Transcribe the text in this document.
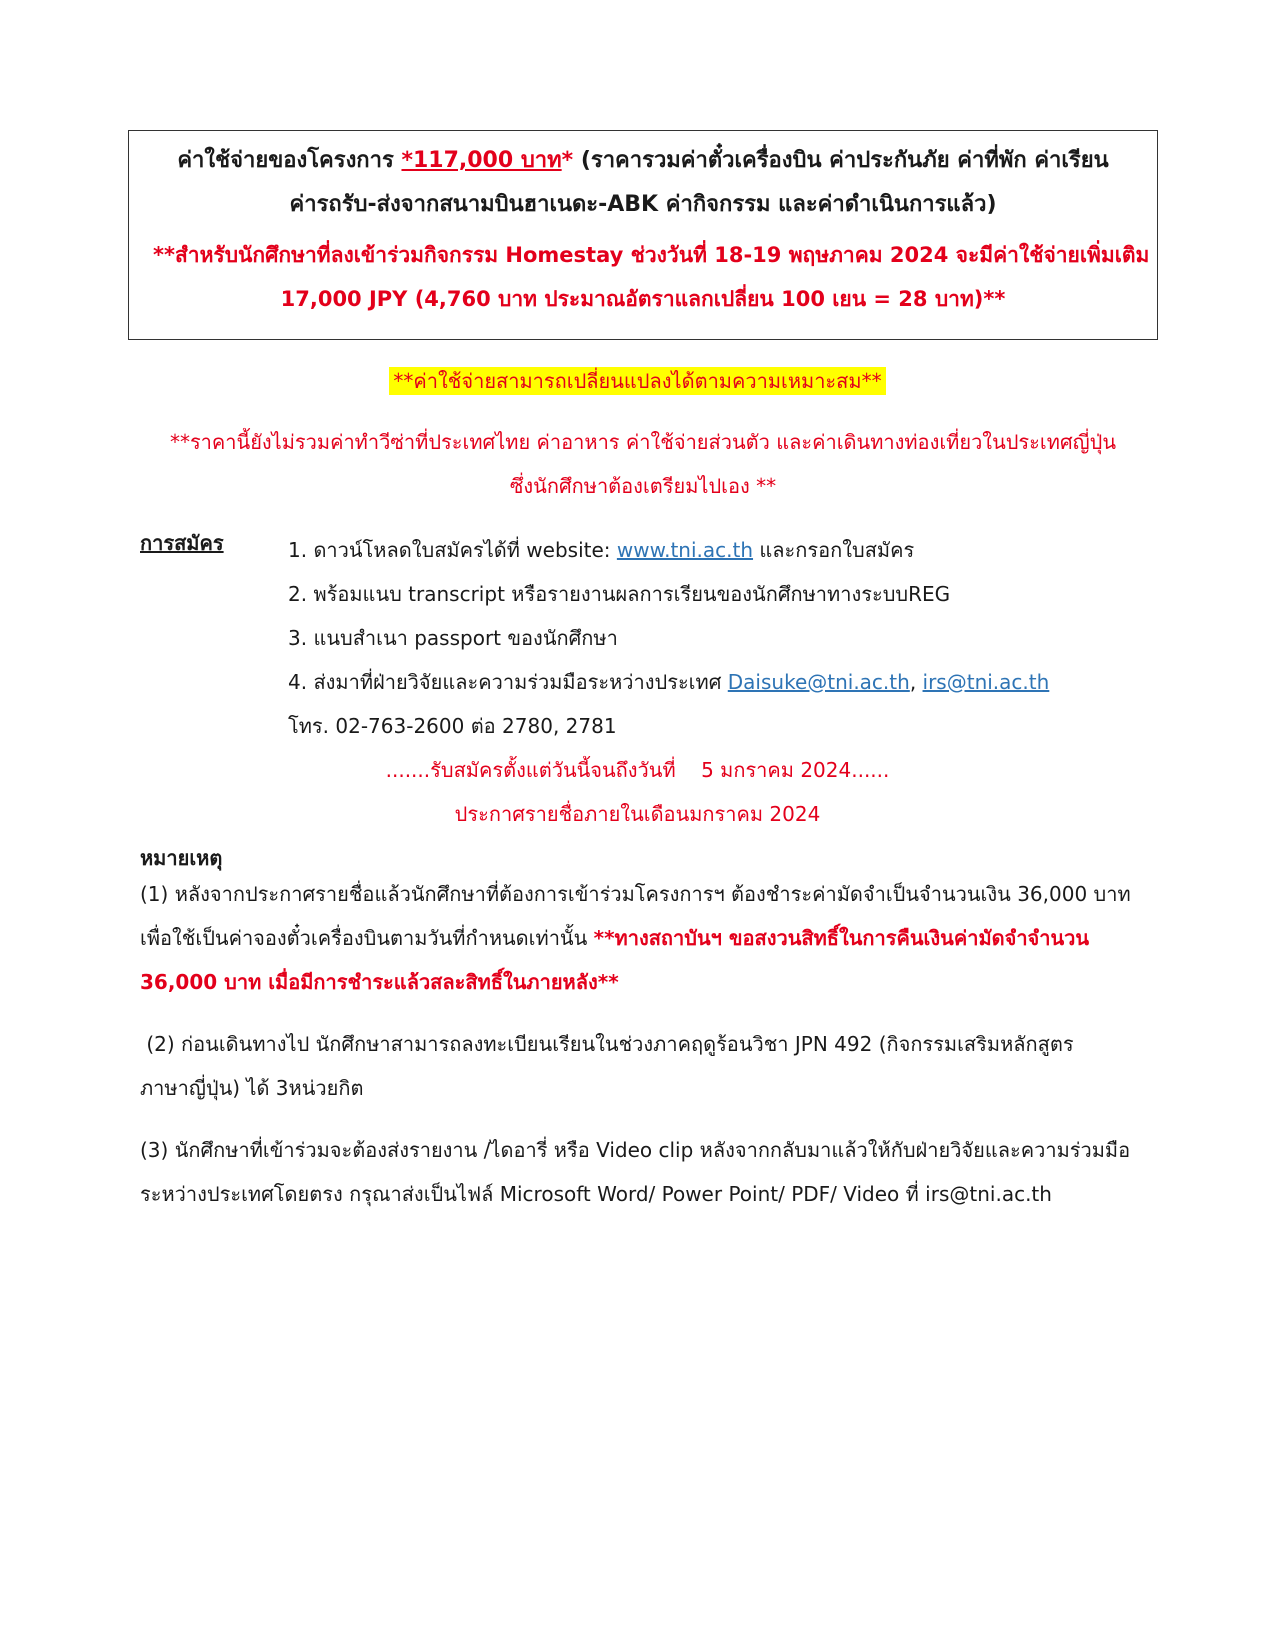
ค่าใช้จ่ายของโครงการ *117,000 บาท* (ราคารวมค่าตั๋วเครื่องบิน ค่าประกันภัย ค่าที่พัก ค่าเรียน
ค่ารถรับ-ส่งจากสนามบินฮาเนดะ-ABK ค่ากิจกรรม และค่าดำเนินการแล้ว)
**สำหรับนักศึกษาที่ลงเข้าร่วมกิจกรรม Homestay ช่วงวันที่ 18-19 พฤษภาคม 2024 จะมีค่าใช้จ่ายเพิ่มเติม
17,000 JPY (4,760 บาท ประมาณอัตราแลกเปลี่ยน 100 เยน = 28 บาท)**
**ค่าใช้จ่ายสามารถเปลี่ยนแปลงได้ตามความเหมาะสม**
**ราคานี้ยังไม่รวมค่าทำวีซ่าที่ประเทศไทย ค่าอาหาร ค่าใช้จ่ายส่วนตัว และค่าเดินทางท่องเที่ยวในประเทศญี่ปุ่น
ซึ่งนักศึกษาต้องเตรียมไปเอง **
การสมัคร	1. ดาวน์โหลดใบสมัครได้ที่ website: www.tni.ac.th และกรอกใบสมัคร
2. พร้อมแนบ transcript หรือรายงานผลการเรียนของนักศึกษาทางระบบREG
3. แนบสำเนา passport ของนักศึกษา
4. ส่งมาที่ฝ่ายวิจัยและความร่วมมือระหว่างประเทศ Daisuke@tni.ac.th, irs@tni.ac.th
โทร. 02-763-2600 ต่อ 2780, 2781
.......รับสมัครตั้งแต่วันนี้จนถึงวันที่    5 มกราคม 2024......
ประกาศรายชื่อภายในเดือนมกราคม 2024
หมายเหตุ
(1) หลังจากประกาศรายชื่อแล้วนักศึกษาที่ต้องการเข้าร่วมโครงการฯ ต้องชำระค่ามัดจำเป็นจำนวนเงิน 36,000 บาท
เพื่อใช้เป็นค่าจองตั๋วเครื่องบินตามวันที่กำหนดเท่านั้น **ทางสถาบันฯ ขอสงวนสิทธิ์ในการคืนเงินค่ามัดจำจำนวน
36,000 บาท เมื่อมีการชำระแล้วสละสิทธิ์ในภายหลัง**
(2) ก่อนเดินทางไป นักศึกษาสามารถลงทะเบียนเรียนในช่วงภาคฤดูร้อนวิชา JPN 492 (กิจกรรมเสริมหลักสูตร
ภาษาญี่ปุ่น) ได้ 3หน่วยกิต
(3) นักศึกษาที่เข้าร่วมจะต้องส่งรายงาน /ไดอารี่ หรือ Video clip หลังจากกลับมาแล้วให้กับฝ่ายวิจัยและความร่วมมือ
ระหว่างประเทศโดยตรง กรุณาส่งเป็นไฟล์ Microsoft Word/ Power Point/ PDF/ Video ที่ irs@tni.ac.th
